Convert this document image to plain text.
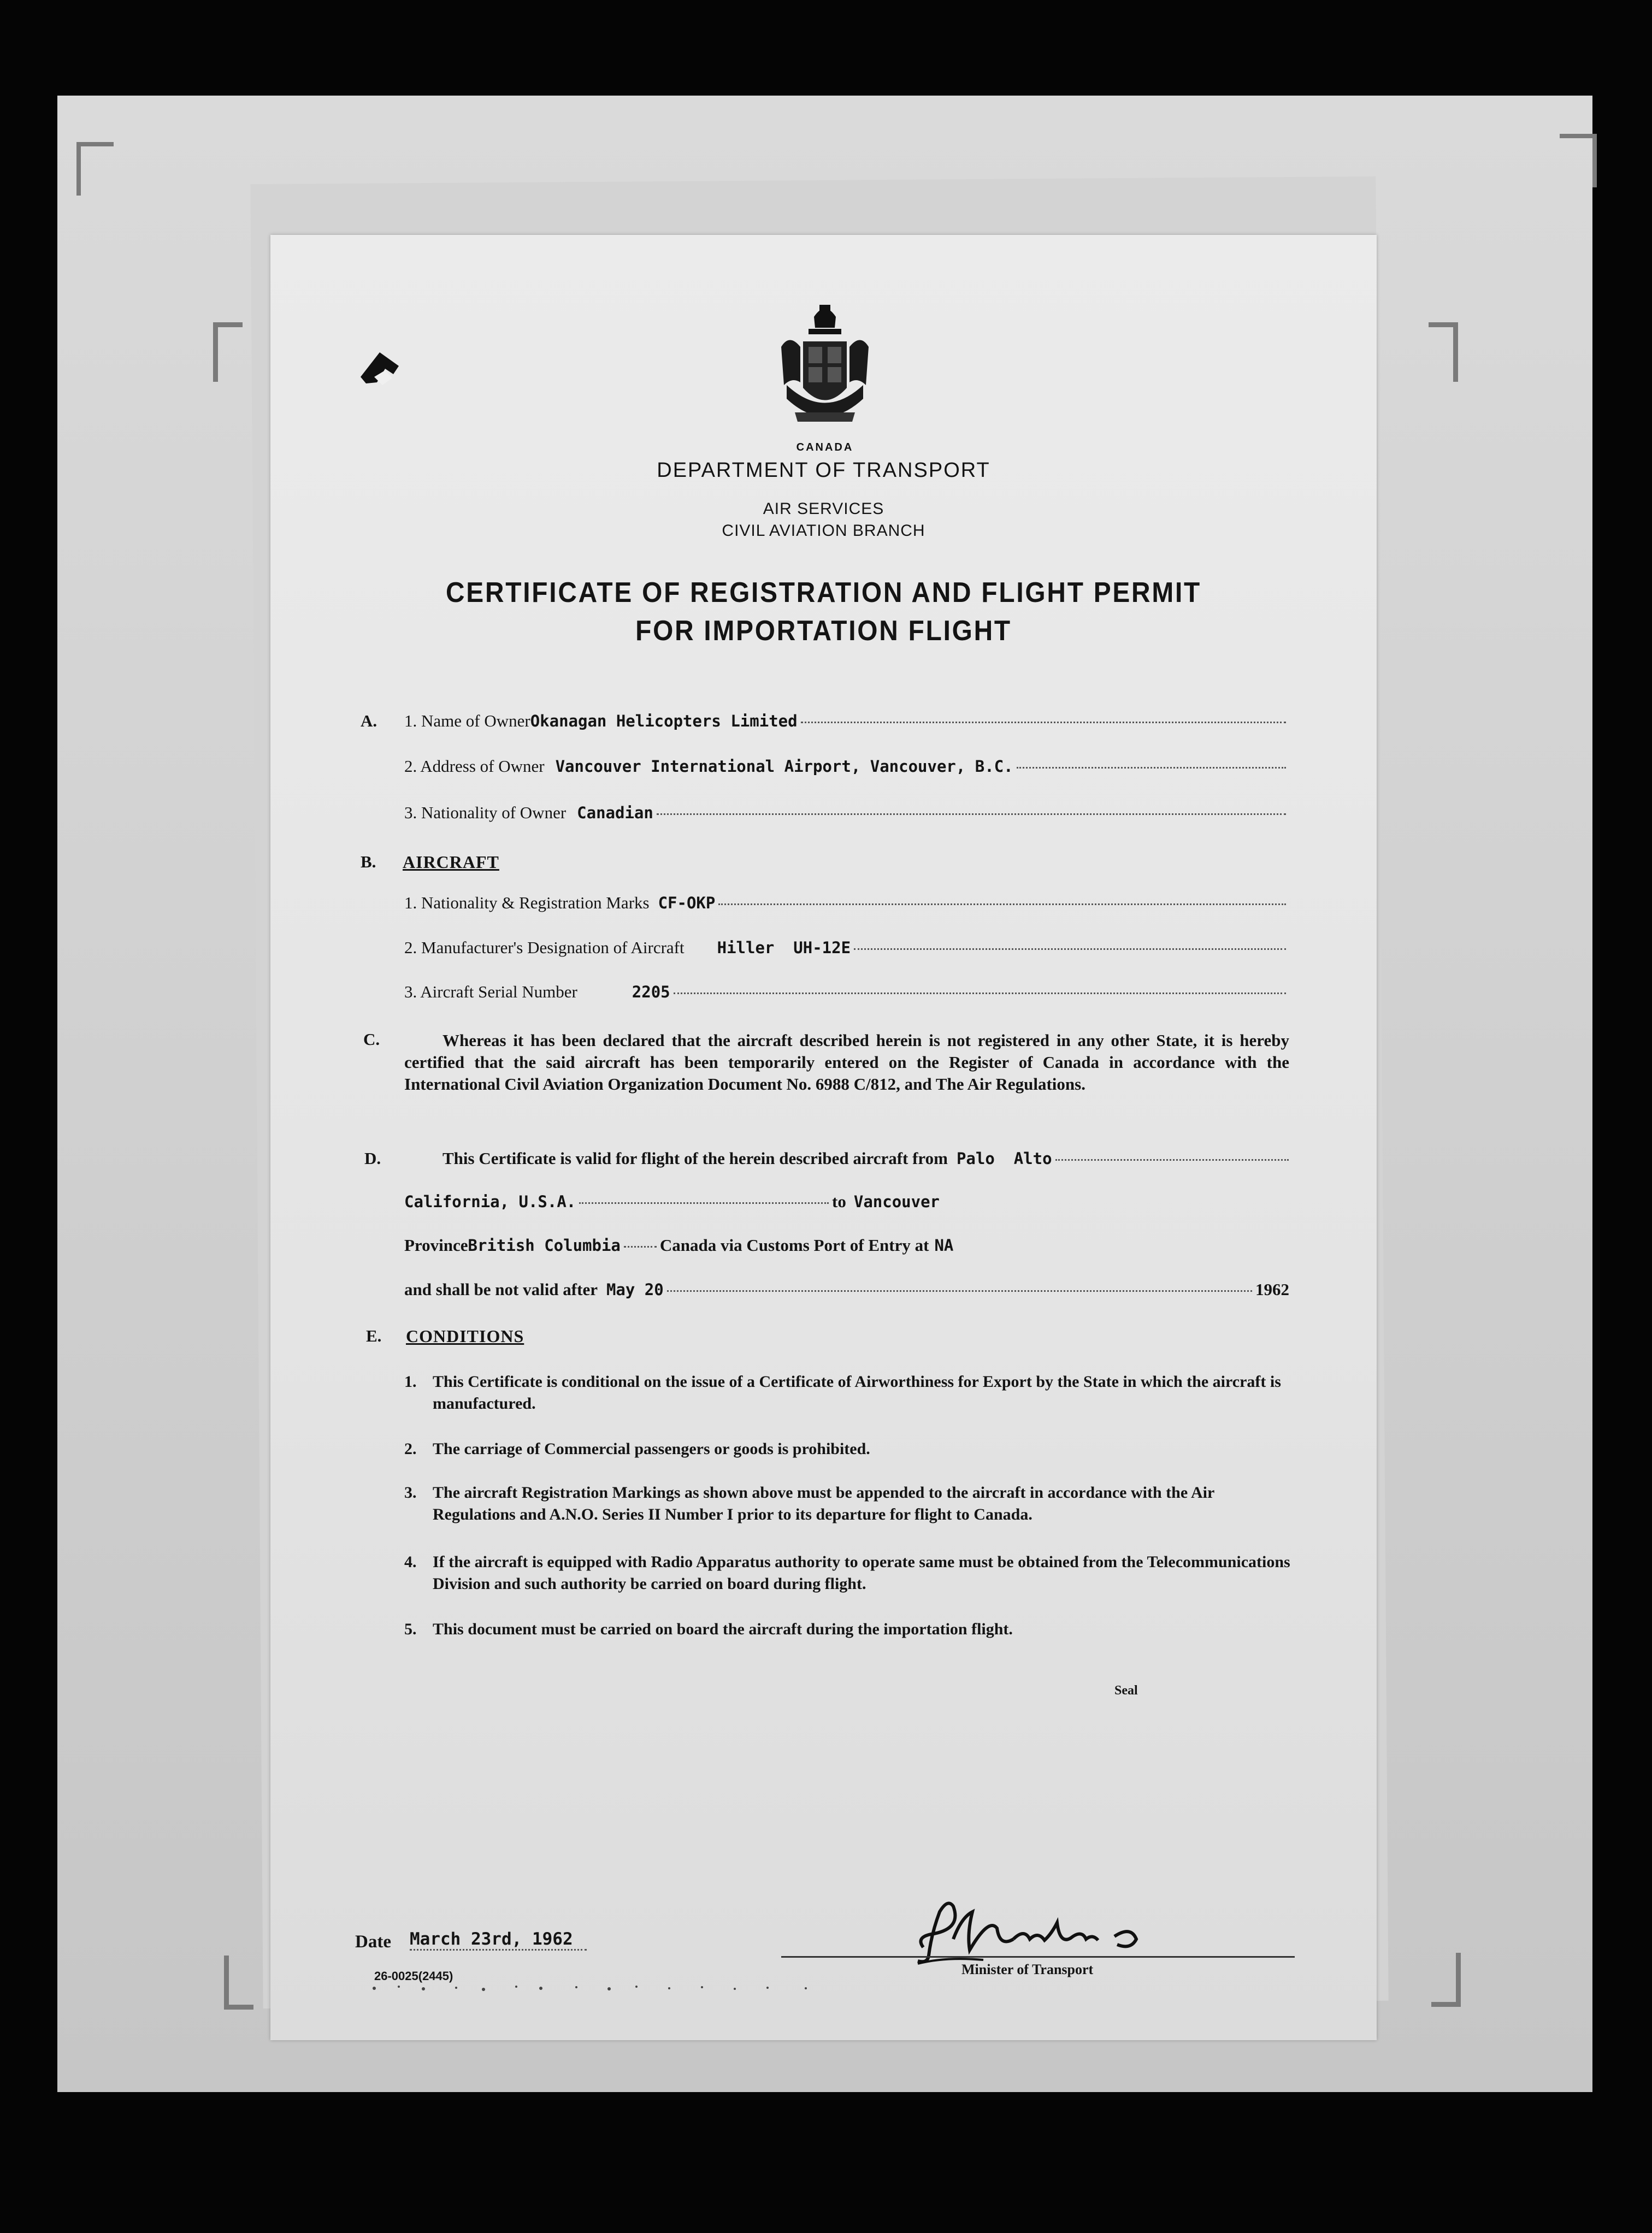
CANADA
DEPARTMENT OF TRANSPORT
AIR SERVICES
CIVIL AVIATION BRANCH
CERTIFICATE OF REGISTRATION AND FLIGHT PERMIT
FOR IMPORTATION FLIGHT
A. 1. Name of Owner Okanagan Helicopters Limited
2. Address of Owner Vancouver International Airport, Vancouver, B.C.
3. Nationality of Owner Canadian
B. AIRCRAFT
1. Nationality & Registration Marks CF-OKP
2. Manufacturer's Designation of Aircraft Hiller  UH-12E
3. Aircraft Serial Number	2205
C.	Whereas it has been declared that the aircraft described herein is not registered in any other State, it is hereby certified that the said aircraft has been temporarily entered on the Register of Canada in accordance with the International Civil Aviation Organization Document No. 6988 C/812, and The Air Regulations.
D.	This Certificate is valid for flight of the herein described aircraft from Palo  Alto
California, U.S.A.	to Vancouver
Province British Columbia Canada via Customs Port of Entry at NA
and shall be not valid after May 20	1962
E. CONDITIONS
1. This Certificate is conditional on the issue of a Certificate of Airworthiness for Export by the State in which the aircraft is manufactured.
2. The carriage of Commercial passengers or goods is prohibited.
3. The aircraft Registration Markings as shown above must be appended to the aircraft in accordance with the Air Regulations and A.N.O. Series II Number I prior to its departure for flight to Canada.
4. If the aircraft is equipped with Radio Apparatus authority to operate same must be obtained from the Telecommunications Division and such authority be carried on board during flight.
5. This document must be carried on board the aircraft during the importation flight.
Seal
Date March 23rd, 1962
26-0025(2445)	Minister of Transport
